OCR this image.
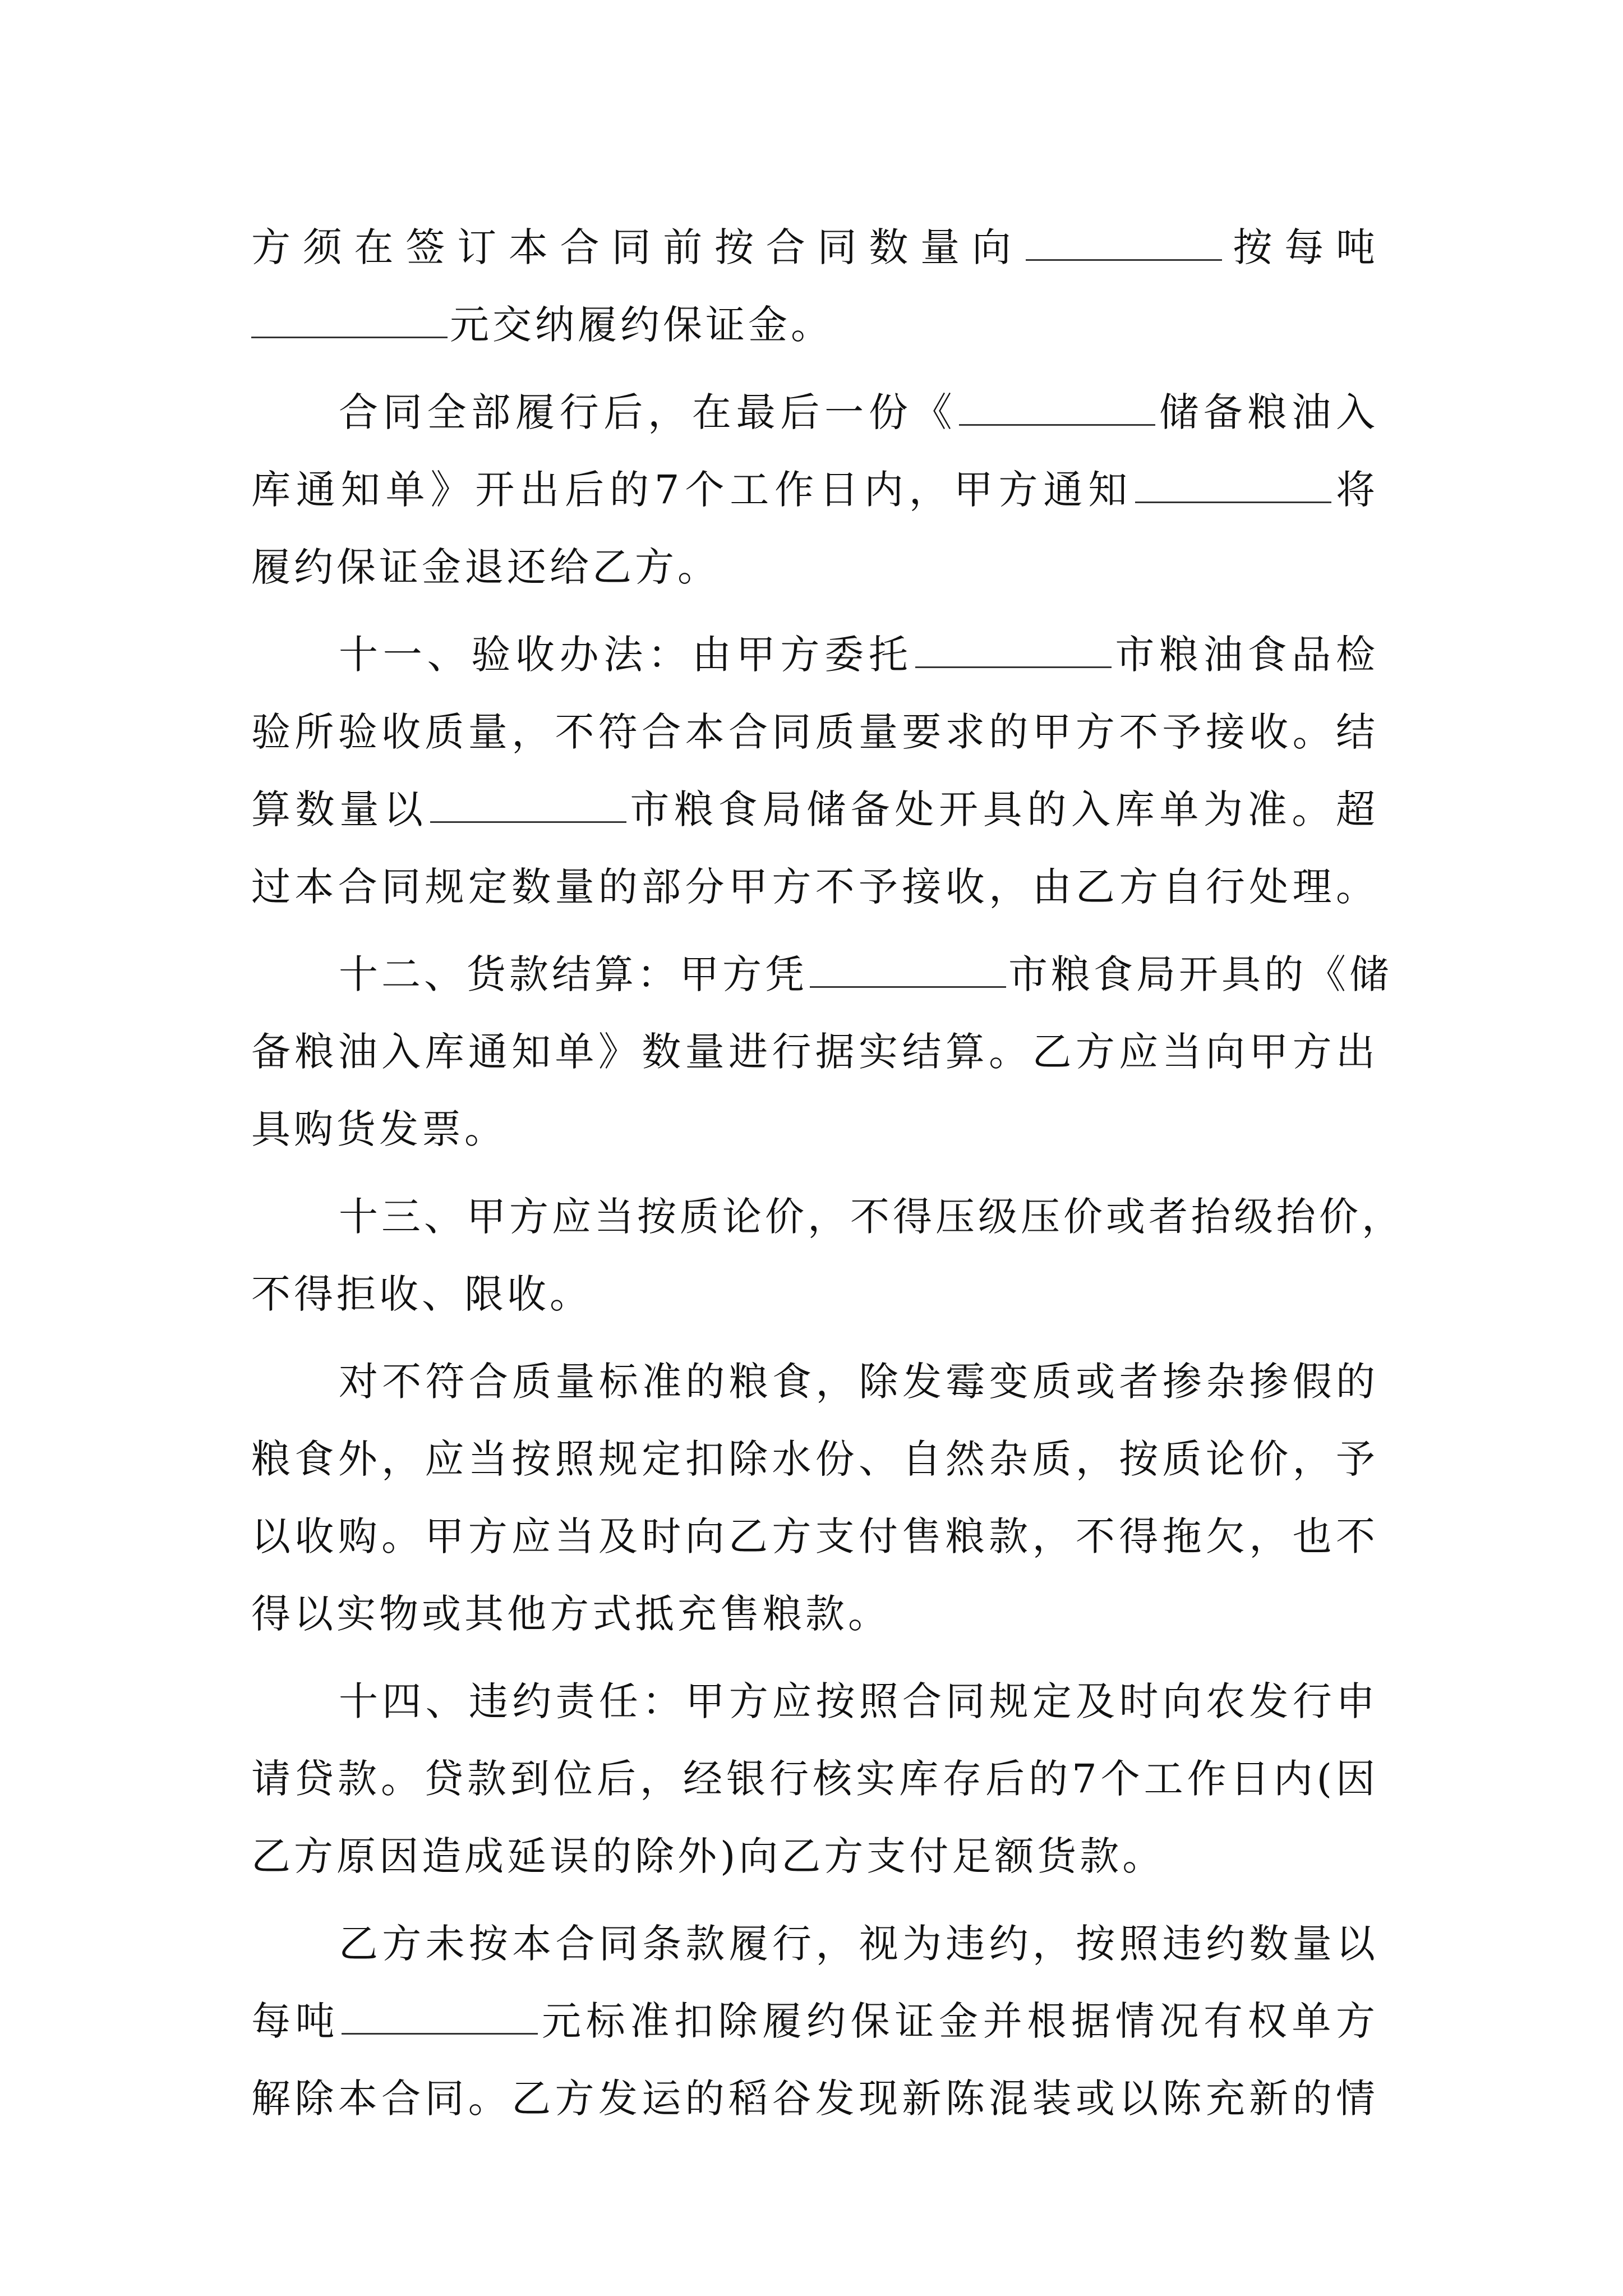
方须在签订本合同前按合同数量向	按每吨
元交纳履约保证金。
合同全部履行后，在最后一份《	储备粮油入
库通知单》开出后的7个工作日内，甲方通知	将
履约保证金退还给乙方。
十一、验收办法：由甲方委托	市粮油食品检
验所验收质量，不符合本合同质量要求的甲方不予接收。结
算数量以	市粮食局储备处开具的入库单为准。超
过本合同规定数量的部分甲方不予接收，由乙方自行处理。
十二、货款结算：甲方凭	市粮食局开具的《储
备粮油入库通知单》数量进行据实结算。乙方应当向甲方出
具购货发票。
十三、甲方应当按质论价，不得压级压价或者抬级抬价，
不得拒收、限收。
对不符合质量标准的粮食，除发霉变质或者掺杂掺假的
粮食外，应当按照规定扣除水份、自然杂质，按质论价，予
以收购。甲方应当及时向乙方支付售粮款，不得拖欠，也不
得以实物或其他方式抵充售粮款。
十四、违约责任：甲方应按照合同规定及时向农发行申
请贷款。贷款到位后，经银行核实库存后的7个工作日内(因
乙方原因造成延误的除外)向乙方支付足额货款。
乙方未按本合同条款履行，视为违约，按照违约数量以
每吨	元标准扣除履约保证金并根据情况有权单方
解除本合同。乙方发运的稻谷发现新陈混装或以陈充新的情
